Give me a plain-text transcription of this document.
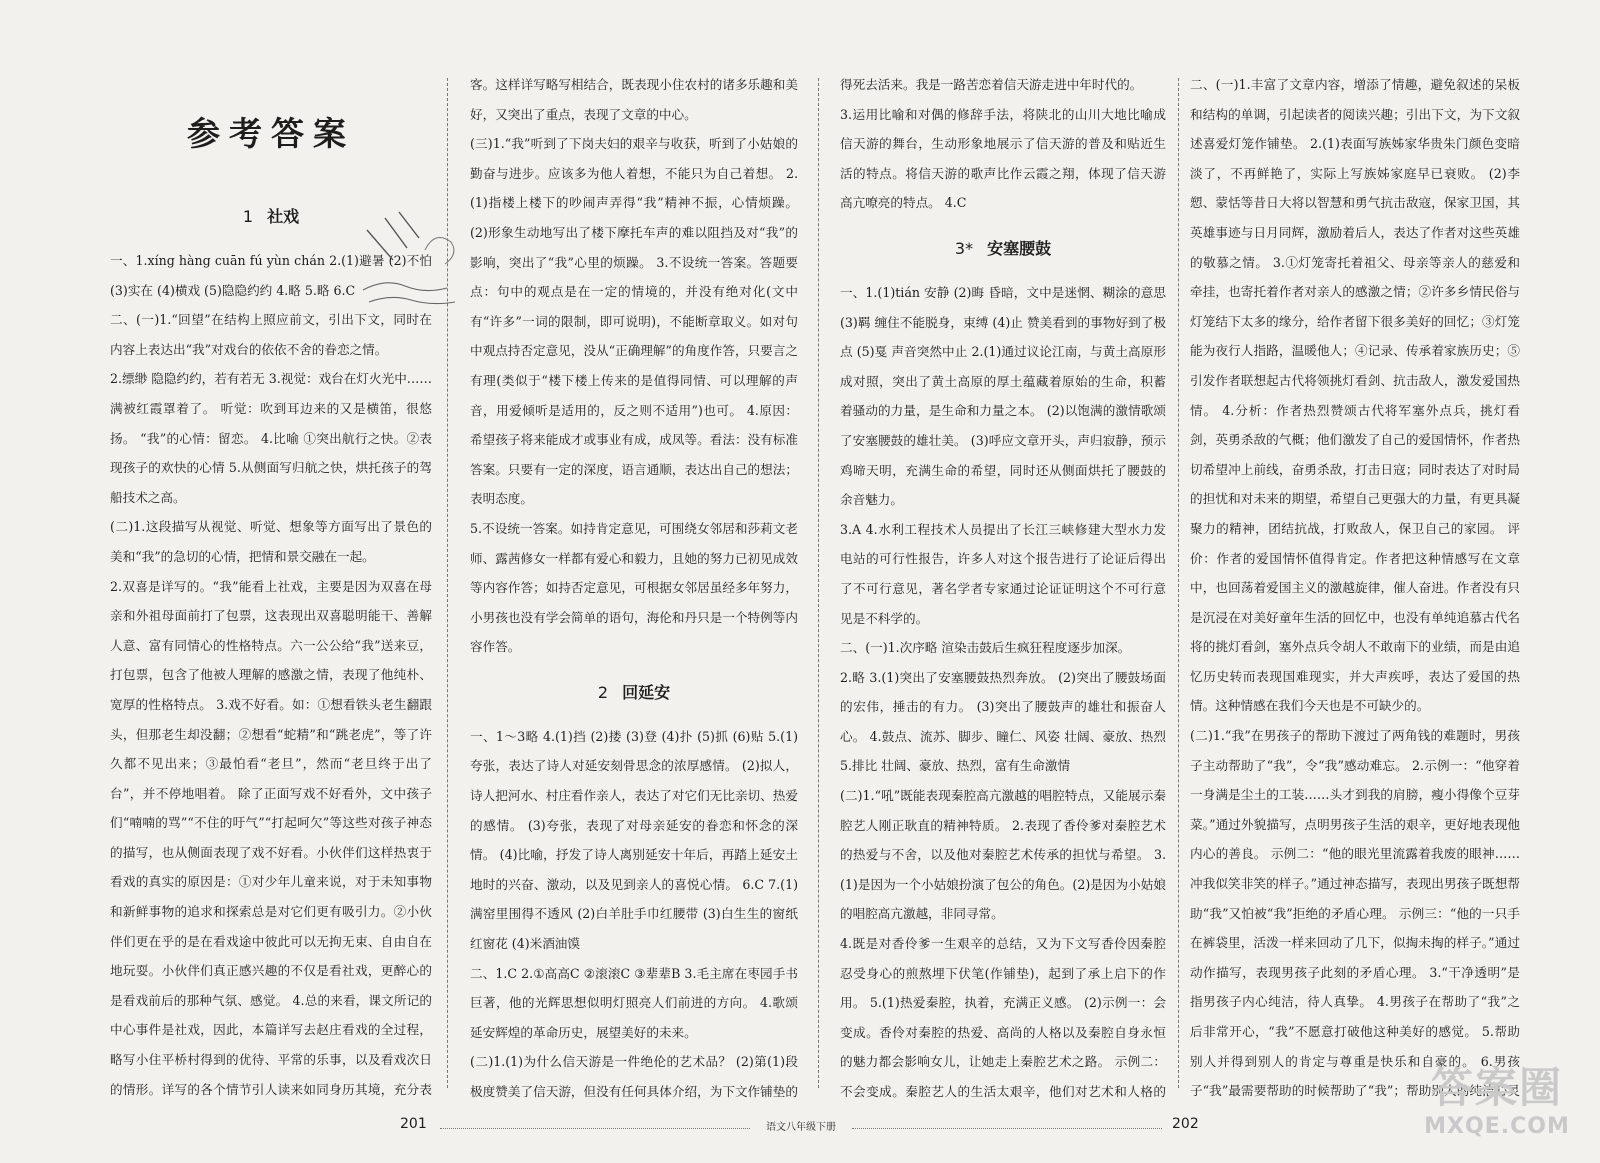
参考答案
1 社戏

一、1.xíng hàng cuān fú yùn chán 2.(1)避暑 (2)不怕 (3)实在 (4)横戏 (5)隐隐约约 4.略 5.略 6.C

二、(一)1.“回望”在结构上照应前文，引出下文，同时在内容上表达出“我”对戏台的依依不舍的眷恋之情。

2.缥缈 隐隐约约，若有若无 3.视觉：戏台在灯火光中……满被红霞罩着了。 听觉：吹到耳边来的又是横笛，很悠扬。 “我”的心情：留恋。 4.比喻 ①突出航行之快。②表现孩子的欢快的心情 5.从侧面写归航之快，烘托孩子的驾船技术之高。

(二)1.这段描写从视觉、听觉、想象等方面写出了景色的美和“我”的急切的心情，把情和景交融在一起。

2.双喜是详写的。“我”能看上社戏，主要是因为双喜在母亲和外祖母面前打了包票，这表现出双喜聪明能干、善解人意、富有同情心的性格特点。六一公公给“我”送来豆，打包票，包含了他被人理解的感激之情，表现了他纯朴、宽厚的性格特点。 3.戏不好看。如：①想看铁头老生翻跟头，但那老生却没翻；②想看“蛇精”和“跳老虎”，等了许久都不见出来；③最怕看“老旦”，然而“老旦终于出了台”，并不停地唱着。 除了正面写戏不好看外，文中孩子们“喃喃的骂”“不住的吁气”“打起呵欠”等这些对孩子神态的描写，也从侧面表现了戏不好看。小伙伴们这样热衷于看戏的真实的原因是：①对少年儿童来说，对于未知事物和新鲜事物的追求和探索总是对它们更有吸引力。②小伙伴们更在乎的是在看戏途中彼此可以无拘无束、自由自在地玩耍。小伙伴们真正感兴趣的不仅是看社戏，更醉心的是看戏前后的那种气氛、感觉。 4.总的来看，课文所记的中心事件是社戏，因此，本篇详写去赵庄看戏的全过程，略写小住平桥村得到的优待、平常的乐事，以及看戏次日的情形。详写的各个情节引人读来如同身历其境，充分表

客。这样详写略写相结合，既表现小住农村的诸多乐趣和美好，又突出了重点，表现了文章的中心。

(三)1.“我”听到了下岗夫妇的艰辛与收获，听到了小姑娘的勤奋与进步。应该多为他人着想，不能只为自己着想。 2.(1)指楼上楼下的吵闹声弄得“我”精神不振，心情烦躁。 (2)形象生动地写出了楼下摩托车声的难以阻挡及对“我”的影响，突出了“我”心里的烦躁。 3.不设统一答案。答题要点：句中的观点是在一定的情境的，并没有绝对化(文中有“许多”一词的限制，即可说明)，不能断章取义。如对句中观点持否定意见，没从“正确理解”的角度作答，只要言之有理(类似于“楼下楼上传来的是值得同情、可以理解的声音，用爱倾听是适用的，反之则不适用”)也可。 4.原因：希望孩子将来能成才或事业有成，成凤等。看法：没有标准答案。只要有一定的深度，语言通顺，表达出自己的想法；表明态度。

5.不设统一答案。如持肯定意见，可围绕女邻居和莎莉文老师、露茜修女一样都有爱心和毅力，且她的努力已初见成效等内容作答；如持否定意见，可根据女邻居虽经多年努力，小男孩也没有学会简单的语句，海伦和丹只是一个特例等内容作答。

2 回延安

一、1～3略 4.(1)挡 (2)搂 (3)登 (4)扑 (5)抓 (6)贴 5.(1)夸张，表达了诗人对延安刻骨思念的浓厚感情。 (2)拟人，诗人把河水、村庄看作亲人，表达了对它们无比亲切、热爱的感情。 (3)夸张，表现了对母亲延安的眷恋和怀念的深情。 (4)比喻，抒发了诗人离别延安十年后，再踏上延安土地时的兴奋、激动，以及见到亲人的喜悦心情。 6.C 7.(1)满窑里围得不透风 (2)白羊肚手巾红腰带 (3)白生生的窗纸红窗花 (4)米酒油馍

二、1.C 2.①高高C ②滚滚C ③辈辈B 3.毛主席在枣园手书巨著，他的光辉思想似明灯照亮人们前进的方向。 4.歌颂延安辉煌的革命历史，展望美好的未来。

(二)1.(1)为什么信天游是一件绝伦的艺术品？ (2)第(1)段极度赞美了信天游，但没有任何具体介绍，为下文作铺垫的

得死去活来。我是一路苦恋着信天游走进中年时代的。

3.运用比喻和对偶的修辞手法，将陕北的山川大地比喻成信天游的舞台，生动形象地展示了信天游的普及和贴近生活的特点。将信天游的歌声比作云霞之翔，体现了信天游高亢嘹亮的特点。 4.C

3* 安塞腰鼓

一、1.(1)tián 安静 (2)晦 昏暗，文中是迷惘、糊涂的意思 (3)羁 缠住不能脱身，束缚 (4)止 赞美看到的事物好到了极点 (5)戛 声音突然中止 2.(1)通过议论江南，与黄土高原形成对照，突出了黄土高原的厚土蕴藏着原始的生命，积蓄着骚动的力量，是生命和力量之本。 (2)以饱满的激情歌颂了安塞腰鼓的雄壮美。 (3)呼应文章开头，声归寂静，预示鸡啼天明，充满生命的希望，同时还从侧面烘托了腰鼓的余音魅力。

3.A 4.水利工程技术人员提出了长江三峡修建大型水力发电站的可行性报告，许多人对这个报告进行了论证后得出了不可行意见，著名学者专家通过论证证明这个不可行意见是不科学的。

二、(一)1.次序略 渲染击鼓后生疯狂程度逐步加深。

2.略 3.(1)突出了安塞腰鼓热烈奔放。 (2)突出了腰鼓场面的宏伟，捶击的有力。 (3)突出了腰鼓声的雄壮和振奋人心。 4.鼓点、流苏、脚步、瞳仁、风姿 壮阔、豪放、热烈 5.排比 壮阔、豪放、热烈，富有生命激情

(二)1.“吼”既能表现秦腔高亢激越的唱腔特点，又能展示秦腔艺人刚正耿直的精神特质。 2.表现了香伶爹对秦腔艺术的热爱与不舍，以及他对秦腔艺术传承的担忧与希望。 3.(1)是因为一个小姑娘扮演了包公的角色。(2)是因为小姑娘的唱腔高亢激越，非同寻常。

4.既是对香伶爹一生艰辛的总结，又为下文写香伶因秦腔忍受身心的煎熬埋下伏笔(作铺垫)，起到了承上启下的作用。 5.(1)热爱秦腔，执着，充满正义感。 (2)示例一：会变成。香伶对秦腔的热爱、高尚的人格以及秦腔自身永恒的魅力都会影响女儿，让她走上秦腔艺术之路。 示例二：不会变成。秦腔艺人的生活太艰辛，他们对艺术和人格的

二、(一)1.丰富了文章内容，增添了情趣，避免叙述的呆板和结构的单调，引起读者的阅读兴趣；引出下文，为下文叙述喜爱灯笼作铺垫。 2.(1)表面写族姊家华贵朱门颜色变暗淡了，不再鲜艳了，实际上写族姊家庭早已衰败。 (2)李愬、蒙恬等昔日大将以智慧和勇气抗击敌寇，保家卫国，其英雄事迹与日月同辉，激励着后人，表达了作者对这些英雄的敬慕之情。 3.①灯笼寄托着祖父、母亲等亲人的慈爱和牵挂，也寄托着作者对亲人的感激之情；②许多乡情民俗与灯笼结下太多的缘分，给作者留下很多美好的回忆；③灯笼能为夜行人指路，温暖他人；④记录、传承着家族历史；⑤引发作者联想起古代将领挑灯看剑、抗击敌人，激发爱国热情。 4.分析：作者热烈赞颂古代将军塞外点兵，挑灯看剑，英勇杀敌的气概；他们激发了自己的爱国情怀，作者热切希望冲上前线，奋勇杀敌，打击日寇；同时表达了对时局的担忧和对未来的期望，希望自己更强大的力量，有更具凝聚力的精神，团结抗战，打败敌人，保卫自己的家园。 评价：作者的爱国情怀值得肯定。作者把这种情感写在文章中，也回荡着爱国主义的激越旋律，催人奋进。作者没有只是沉浸在对美好童年生活的回忆中，也没有单纯追慕古代名将的挑灯看剑，塞外点兵令胡人不敢南下的业绩，而是由追忆历史转而表现国难现实，并大声疾呼，表达了爱国的热情。这种情感在我们今天也是不可缺少的。

(二)1.“我”在男孩子的帮助下渡过了两角钱的难题时，男孩子主动帮助了“我”，令“我”感动难忘。 2.示例一：“他穿着一身满是尘土的工装……头才到我的肩膀，瘦小得像个豆芽菜。”通过外貌描写，点明男孩子生活的艰辛，更好地表现他内心的善良。 示例二：“他的眼光里流露着我废的眼神……冲我似笑非笑的样子。”通过神态描写，表现出男孩子既想帮助“我”又怕被“我”拒绝的矛盾心理。 示例三：“他的一只手在裤袋里，活泼一样来回动了几下，似掏未掏的样子。”通过动作描写，表现男孩子此刻的矛盾心理。 3.“干净透明”是指男孩子内心纯洁，待人真挚。 4.男孩子在帮助了“我”之后非常开心，“我”不愿意打破他这种美好的感觉。 5.帮助别人并得到别人的肯定与尊重是快乐和自豪的。 6.男孩子“我”最需要帮助的时候帮助了“我”；帮助别人的纯洁心灵

201	语文八年级下册	202
答案圈
MXQE.COM
